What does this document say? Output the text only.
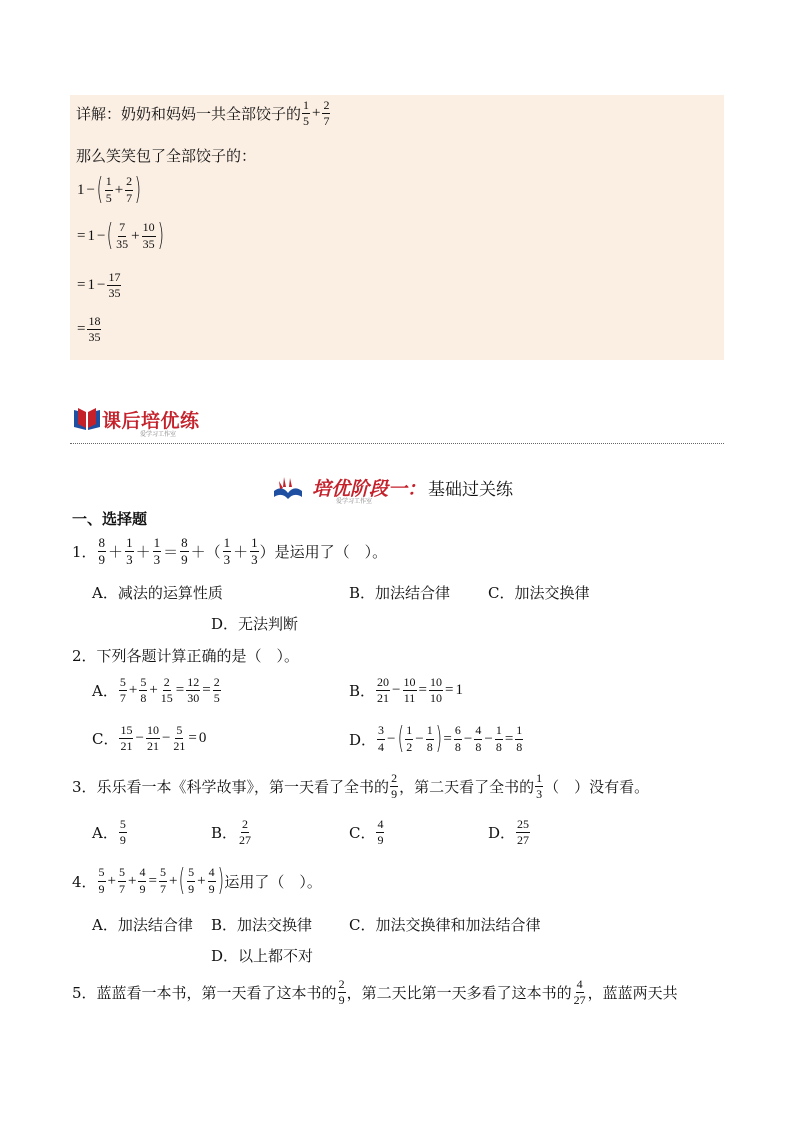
详解：奶奶和妈妈一共全部饺子的 $\frac{1}{5} + \frac{2}{7}$
那么笑笑包了全部饺子的：
1 − ( $\frac{1}{5} + \frac{2}{7}$ )
= 1 − ( $\frac{7}{35} + \frac{10}{35}$ )
= $1 - \frac{17}{35}$
= $\frac{18}{35}$
课后培优练
爱学习工作室
培优阶段一 ： 基础过关练
爱学习工作室
一、选择题
1． $\frac{8}{9} + \frac{1}{3} + \frac{1}{3} = \frac{8}{9}$ ＋（ $\frac{1}{3} + \frac{1}{3}$ ）是运用了（　）。
A．减法的运算性质	B．加法结合律	C．加法交换律
D．无法判断
2． 下列各题计算正确的是（　）。
A． $\frac{5}{7} + \frac{5}{8} + \frac{2}{15} = \frac{12}{30} = \frac{2}{5}$	B． $\frac{20}{21} - \frac{10}{11} = \frac{10}{10} = 1$
C． $\frac{15}{21} - \frac{10}{21} - \frac{5}{21} = 0$	D． $\frac{3}{4}$ − ( $\frac{1}{2} - \frac{1}{8}$ ) = $\frac{6}{8} - \frac{4}{8} - \frac{1}{8} = \frac{1}{8}$
3． 乐乐看一本《科学故事》，第一天看了全书的 $\frac{2}{9}$ ，第二天看了全书的 $\frac{1}{3}$ （　）没有看。
A． $\frac{5}{9}$	B． $\frac{2}{27}$	C． $\frac{4}{9}$	D． $\frac{25}{27}$
4． $\frac{5}{9} + \frac{5}{7} + \frac{4}{9} = \frac{5}{7}$ + ( $\frac{5}{9} + \frac{4}{9}$ ) 运用了（　）。
A．加法结合律 B．加法交换律 C．加法交换律和加法结合律
D．以上都不对
5． 蓝蓝看一本书，第一天看了这本书的 $\frac{2}{9}$ ，第二天比第一天多看了这本书的 $\frac{4}{27}$ ，蓝蓝两天共
